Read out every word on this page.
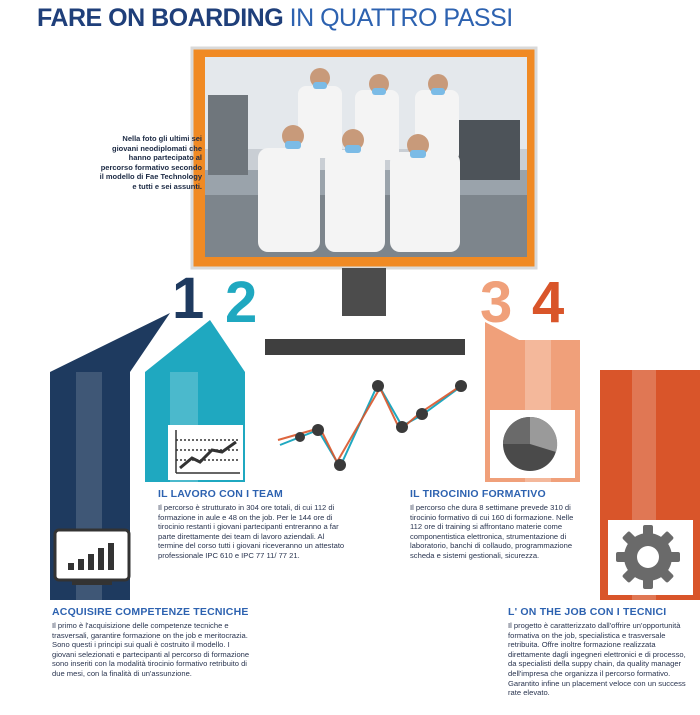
1 2	3 4
FARE ON BOARDING IN QUATTRO PASSI
Nella foto gli ultimi sei giovani neodiplomati che hanno partecipato al percorso formativo secondo il modello di Fae Technology e tutti e sei assunti.
IL LAVORO CON I TEAM
Il percorso è strutturato in 304 ore totali, di cui 112 di formazione in aule e 48 on the job. Per le 144 ore di tirocinio restanti i giovani partecipanti entreranno a far parte direttamente dei team di lavoro aziendali. Al termine del corso tutti i giovani riceveranno un attestato professionale IPC 610 e IPC 77 11/ 77 21.
IL TIROCINIO FORMATIVO
Il percorso che dura 8 settimane prevede 310 di tirocinio formativo di cui 160 di formazione. Nelle 112 ore di training si affrontano materie come componentistica elettronica, strumentazione di laboratorio, banchi di collaudo, programmazione scheda e sistemi gestionali, sicurezza.
ACQUISIRE COMPETENZE TECNICHE
Il primo è l'acquisizione delle competenze tecniche e trasversali, garantire formazione on the job e meritocrazia. Sono questi i principi sui quali è costruito il modello. I giovani selezionati e partecipanti al percorso di formazione sono inseriti con la modalità tirocinio formativo retribuito di due mesi, con la finalità di un'assunzione.
L' ON THE JOB CON I TECNICI
Il progetto è caratterizzato dall'offrire un'opportunità formativa on the job, specialistica e trasversale retribuita. Offre inoltre formazione realizzata direttamente dagli ingegneri elettronici e di processo, da specialisti della suppy chain, da quality manager dell'impresa che organizza il percorso formativo. Garantito infine un placement veloce con un success rate elevato.
